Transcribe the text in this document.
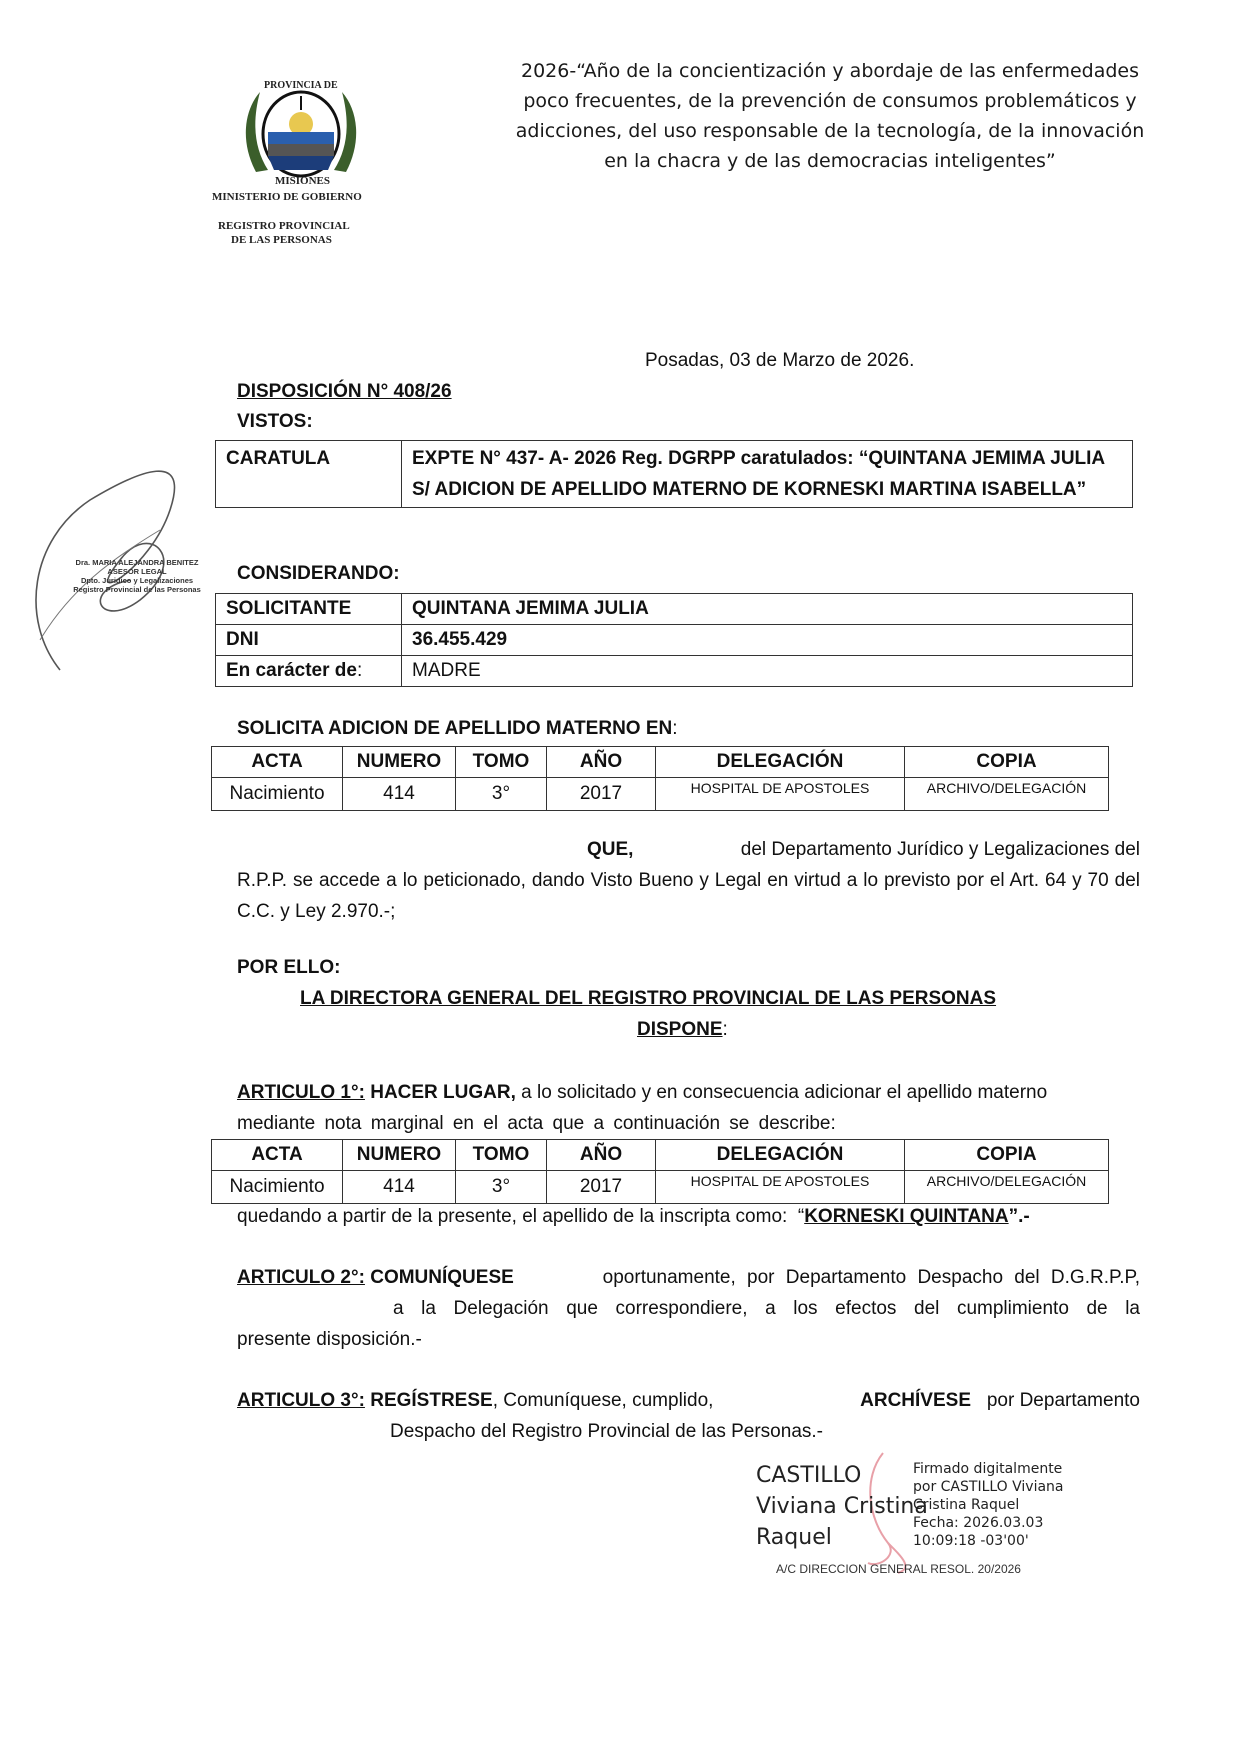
PROVINCIA DE
MISIONES
MINISTERIO DE GOBIERNO
REGISTRO PROVINCIAL
DE LAS PERSONAS
2026-“Año de la concientización y abordaje de las enfermedades
poco frecuentes, de la prevención de consumos problemáticos y
adicciones, del uso responsable de la tecnología, de la innovación
en la chacra y de las democracias inteligentes”
Dra. MARIA ALEJANDRA BENITEZ
ASESOR LEGAL
Dpto. Juridico y Legalizaciones
Registro Provincial de las Personas
Posadas, 03 de Marzo de 2026.
DISPOSICIÓN N° 408/26
VISTOS:
CARATULA	EXPTE N° 437- A- 2026 Reg. DGRPP caratulados: “QUINTANA JEMIMA JULIA S/ ADICION DE APELLIDO MATERNO DE KORNESKI MARTINA ISABELLA”
CONSIDERANDO:
SOLICITANTE	QUINTANA JEMIMA JULIA
DNI	36.455.429
En carácter de:	MADRE
SOLICITA ADICION DE APELLIDO MATERNO EN:
ACTA	NUMERO	TOMO	AÑO	DELEGACIÓN	COPIA
Nacimiento	414	3°	2017	HOSPITAL DE APOSTOLES	ARCHIVO/DELEGACIÓN
QUE,	del Departamento Jurídico y Legalizaciones del
R.P.P. se accede a lo peticionado, dando Visto Bueno y Legal en virtud a lo previsto por el Art. 64 y 70 del C.C. y Ley 2.970.-;
POR ELLO:
LA DIRECTORA GENERAL DEL REGISTRO PROVINCIAL DE LAS PERSONAS
DISPONE:
ARTICULO 1°: HACER LUGAR, a lo solicitado y en consecuencia adicionar el apellido materno
mediante nota marginal en el acta que a continuación se describe:
ACTA	NUMERO	TOMO	AÑO	DELEGACIÓN	COPIA
Nacimiento	414	3°	2017	HOSPITAL DE APOSTOLES	ARCHIVO/DELEGACIÓN
quedando a partir de la presente, el apellido de la inscripta como: “KORNESKI QUINTANA”.-
ARTICULO 2°: COMUNÍQUESE	oportunamente, por Departamento Despacho del D.G.R.P.P,
a la Delegación que correspondiere, a los efectos del cumplimiento de la
presente disposición.-
ARTICULO 3°: REGÍSTRESE, Comuníquese, cumplido,	ARCHÍVESE por Departamento
Despacho del Registro Provincial de las Personas.-
CASTILLO
Viviana Cristina
Raquel
Firmado digitalmente
por CASTILLO Viviana
Cristina Raquel
Fecha: 2026.03.03
10:09:18 -03'00'
A/C DIRECCION GENERAL RESOL. 20/2026
